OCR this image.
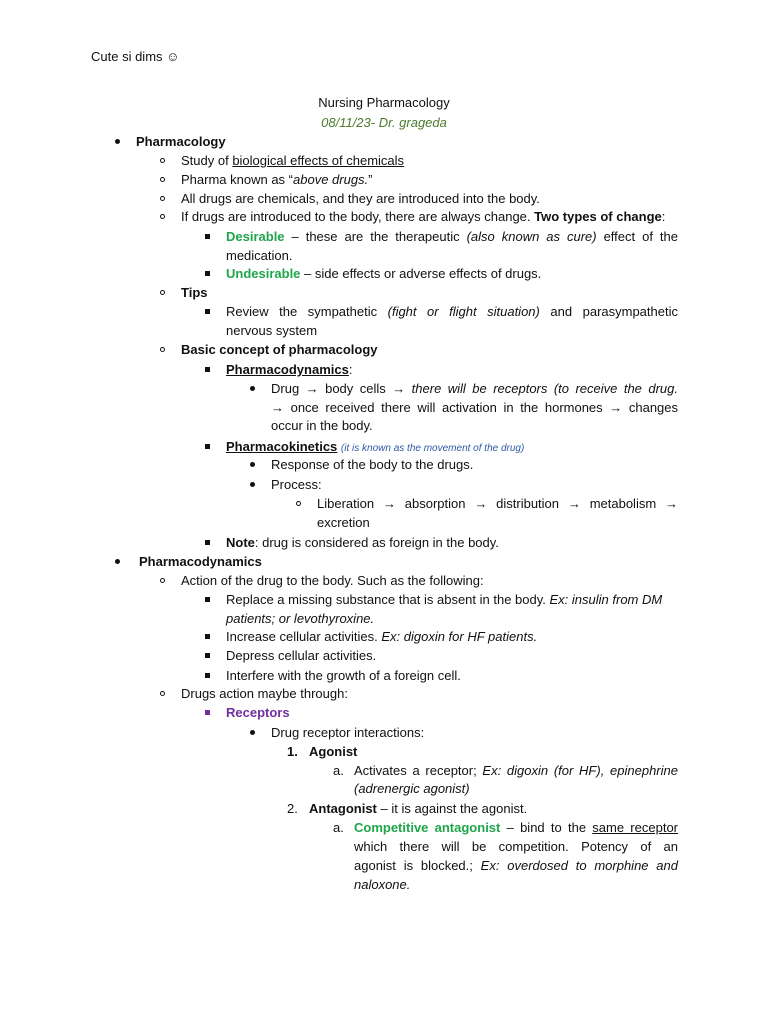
Cute si dims ☺
Nursing Pharmacology
08/11/23- Dr. grageda
Pharmacology
Study of biological effects of chemicals
Pharma known as “above drugs.”
All drugs are chemicals, and they are introduced into the body.
If drugs are introduced to the body, there are always change. Two types of change:
Desirable – these are the therapeutic (also known as cure) effect of the
medication.
Undesirable – side effects or adverse effects of drugs.
Tips
Review the sympathetic (fight or flight situation) and parasympathetic
nervous system
Basic concept of pharmacology
Pharmacodynamics:
Drug → body cells → there will be receptors (to receive the drug.
→ once received there will activation in the hormones → changes
occur in the body.
Pharmacokinetics (it is known as the movement of the drug)
Response of the body to the drugs.
Process:
Liberation → absorption → distribution → metabolism →
excretion
Note: drug is considered as foreign in the body.
Pharmacodynamics
Action of the drug to the body. Such as the following:
Replace a missing substance that is absent in the body. Ex: insulin from DM
patients; or levothyroxine.
Increase cellular activities. Ex: digoxin for HF patients.
Depress cellular activities.
Interfere with the growth of a foreign cell.
Drugs action maybe through:
Receptors
Drug receptor interactions:
1. Agonist
a. Activates a receptor; Ex: digoxin (for HF), epinephrine
(adrenergic agonist)
2. Antagonist – it is against the agonist.
a. Competitive antagonist – bind to the same receptor
which there will be competition. Potency of an
agonist is blocked.; Ex: overdosed to morphine and
naloxone.
